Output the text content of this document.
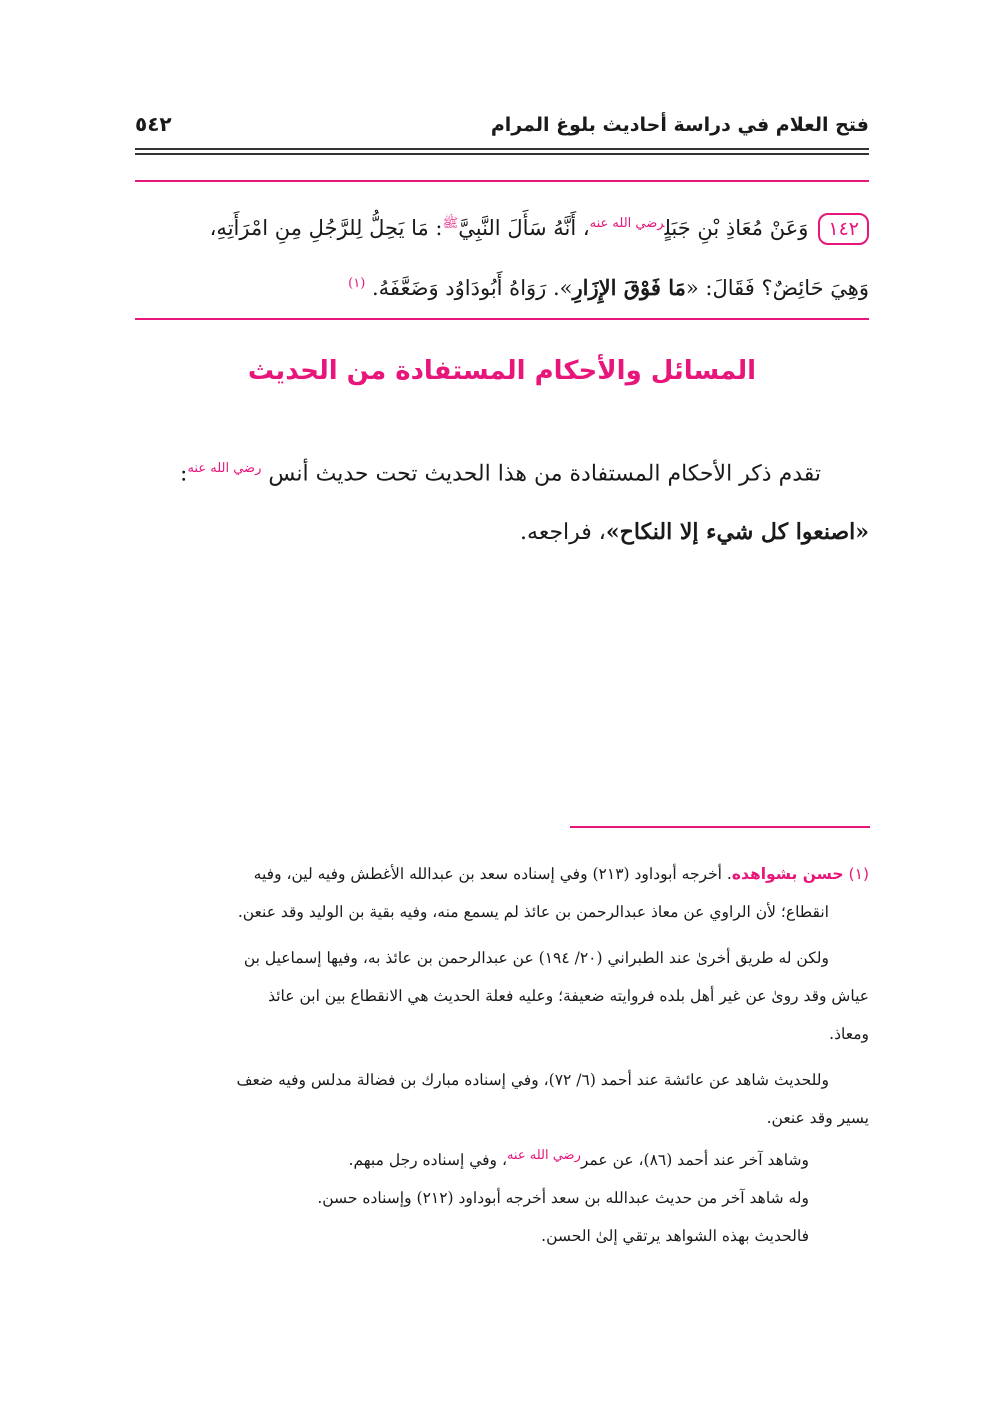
فتح العلام في دراسة أحاديث بلوغ المرام
٥٤٢
١٤٢وَعَنْ مُعَاذِ بْنِ جَبَلٍ$^{رضي الله عنه}$، أَنَّهُ سَأَلَ النَّبِيَّ$^ﷺ$: مَا يَحِلُّ لِلرَّجُلِ مِنِ امْرَأَتِهِ،
وَهِيَ حَائِضٌ؟ فَقَالَ: «مَا فَوْقَ الإِزَارِ». رَوَاهُ أَبُودَاوُد وَضَعَّفَهُ. $^{(١)}$
المسائل والأحكام المستفادة من الحديث
تقدم ذكر الأحكام المستفادة من هذا الحديث تحت حديث أنس $^{رضي الله عنه}$:
«اصنعوا كل شيء إلا النكاح»، فراجعه.
(١) حسن بشواهده. أخرجه أبوداود (٢١٣) وفي إسناده سعد بن عبدالله الأغطش وفيه لين، وفيه
انقطاع؛ لأن الراوي عن معاذ عبدالرحمن بن عائذ لم يسمع منه، وفيه بقية بن الوليد وقد عنعن.
ولكن له طريق أخرىٰ عند الطبراني (٢٠/ ١٩٤) عن عبدالرحمن بن عائذ به، وفيها إسماعيل بن
عياش وقد روىٰ عن غير أهل بلده فروايته ضعيفة؛ وعليه فعلة الحديث هي الانقطاع بين ابن عائذ
ومعاذ.
وللحديث شاهد عن عائشة عند أحمد (٦/ ٧٢)، وفي إسناده مبارك بن فضالة مدلس وفيه ضعف
يسير وقد عنعن.
وشاهد آخر عند أحمد (٨٦)، عن عمر$^{رضي الله عنه}$، وفي إسناده رجل مبهم.
وله شاهد آخر من حديث عبدالله بن سعد أخرجه أبوداود (٢١٢) وإسناده حسن.
فالحديث بهذه الشواهد يرتقي إلىٰ الحسن.
